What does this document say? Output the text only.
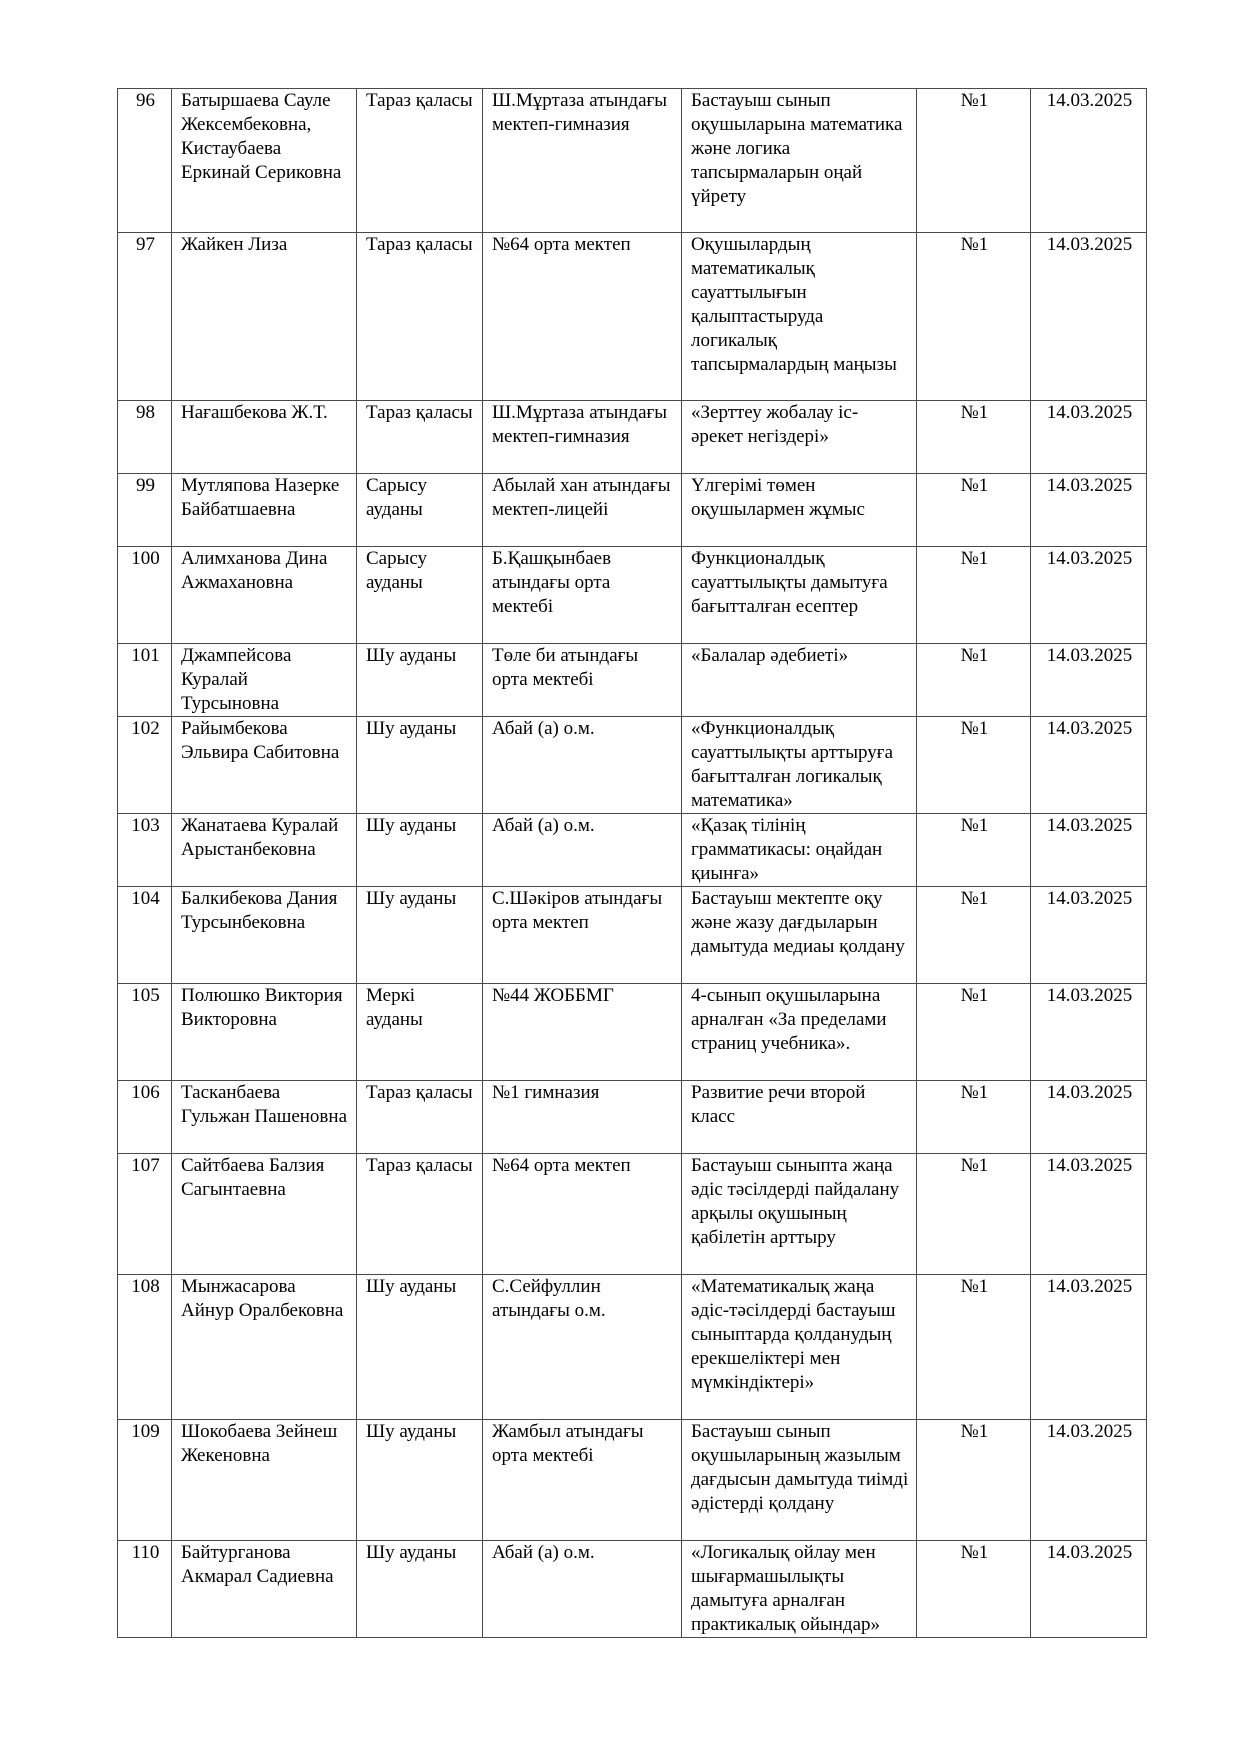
96	Батыршаева Сауле Жексембековна, Кистаубаева Еркинай Сериковна	Тараз қаласы	Ш.Мұртаза атындағы мектеп-гимназия	Бастауыш сынып оқушыларына математика және логика тапсырмаларын оңай үйрету	№1	14.03.2025
97	Жайкен Лиза	Тараз қаласы	№64 орта мектеп	Оқушылардың математикалық сауаттылығын қалыптастыруда логикалық тапсырмалардың маңызы	№1	14.03.2025
98	Нағашбекова Ж.Т.	Тараз қаласы	Ш.Мұртаза атындағы мектеп-гимназия	«Зерттеу жобалау іс-әрекет негіздері»	№1	14.03.2025
99	Мутляпова Назерке Байбатшаевна	Сарысу ауданы	Абылай хан атындағы мектеп-лицейі	Үлгерімі төмен оқушылармен жұмыс	№1	14.03.2025
100	Алимханова Дина Ажмахановна	Сарысу ауданы	Б.Қашқынбаев атындағы орта мектебі	Функционалдық сауаттылықты дамытуға бағытталған есептер	№1	14.03.2025
101	Джампейсова Куралай Турсыновна	Шу ауданы	Төле би атындағы орта мектебі	«Балалар әдебиеті»	№1	14.03.2025
102	Райымбекова Эльвира Сабитовна	Шу ауданы	Абай (а) о.м.	«Функционалдық сауаттылықты арттыруға бағытталған логикалық математика»	№1	14.03.2025
103	Жанатаева Куралай Арыстанбековна	Шу ауданы	Абай (а) о.м.	«Қазақ тілінің грамматикасы: оңайдан қиынға»	№1	14.03.2025
104	Балкибекова Дания Турсынбековна	Шу ауданы	С.Шәкіров атындағы орта мектеп	Бастауыш мектепте оқу және жазу дағдыларын дамытуда медиаы қолдану	№1	14.03.2025
105	Полюшко Виктория Викторовна	Меркі ауданы	№44 ЖОББМГ	4-сынып оқушыларына арналған «За пределами страниц учебника».	№1	14.03.2025
106	Тасканбаева Гульжан Пашеновна	Тараз қаласы	№1 гимназия	Развитие речи второй класс	№1	14.03.2025
107	Сайтбаева Балзия Сагынтаевна	Тараз қаласы	№64 орта мектеп	Бастауыш сыныпта жаңа әдіс тәсілдерді пайдалану арқылы оқушының қабілетін арттыру	№1	14.03.2025
108	Мынжасарова Айнур Оралбековна	Шу ауданы	С.Сейфуллин атындағы о.м.	«Математикалық жаңа әдіс-тәсілдерді бастауыш сыныптарда қолданудың ерекшеліктері мен мүмкіндіктері»	№1	14.03.2025
109	Шокобаева Зейнеш Жекеновна	Шу ауданы	Жамбыл атындағы орта мектебі	Бастауыш сынып оқушыларының жазылым дағдысын дамытуда тиімді әдістерді қолдану	№1	14.03.2025
110	Байтурганова Акмарал Садиевна	Шу ауданы	Абай (а) о.м.	«Логикалық ойлау мен шығармашылықты дамытуға арналған практикалық ойындар»	№1	14.03.2025
